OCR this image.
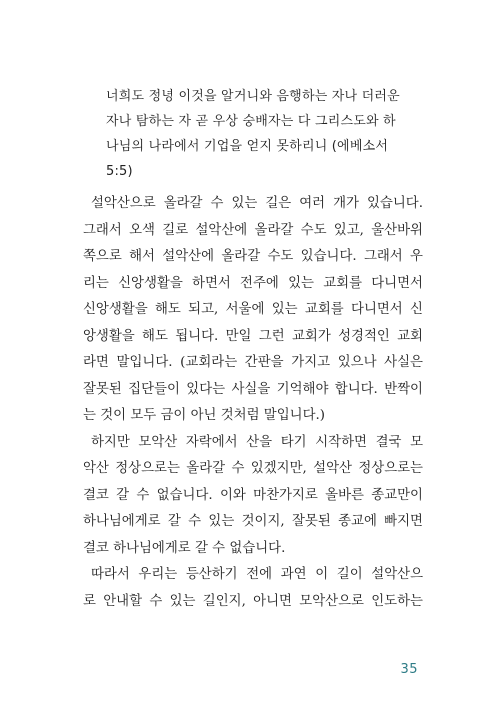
너희도 정녕 이것을 알거니와 음행하는 자나 더러운
자나 탐하는 자 곧 우상 숭배자는 다 그리스도와 하
나님의 나라에서 기업을 얻지 못하리니 (에베소서
5:5)
설악산으로 올라갈 수 있는 길은 여러 개가 있습니다.
그래서 오색 길로 설악산에 올라갈 수도 있고, 울산바위
쪽으로 해서 설악산에 올라갈 수도 있습니다. 그래서 우
리는 신앙생활을 하면서 전주에 있는 교회를 다니면서
신앙생활을 해도 되고, 서울에 있는 교회를 다니면서 신
앙생활을 해도 됩니다. 만일 그런 교회가 성경적인 교회
라면 말입니다. (교회라는 간판을 가지고 있으나 사실은
잘못된 집단들이 있다는 사실을 기억해야 합니다. 반짝이
는 것이 모두 금이 아닌 것처럼 말입니다.)
하지만 모악산 자락에서 산을 타기 시작하면 결국 모
악산 정상으로는 올라갈 수 있겠지만, 설악산 정상으로는
결코 갈 수 없습니다. 이와 마찬가지로 올바른 종교만이
하나님에게로 갈 수 있는 것이지, 잘못된 종교에 빠지면
결코 하나님에게로 갈 수 없습니다.
따라서 우리는 등산하기 전에 과연 이 길이 설악산으
로 안내할 수 있는 길인지, 아니면 모악산으로 인도하는
35
